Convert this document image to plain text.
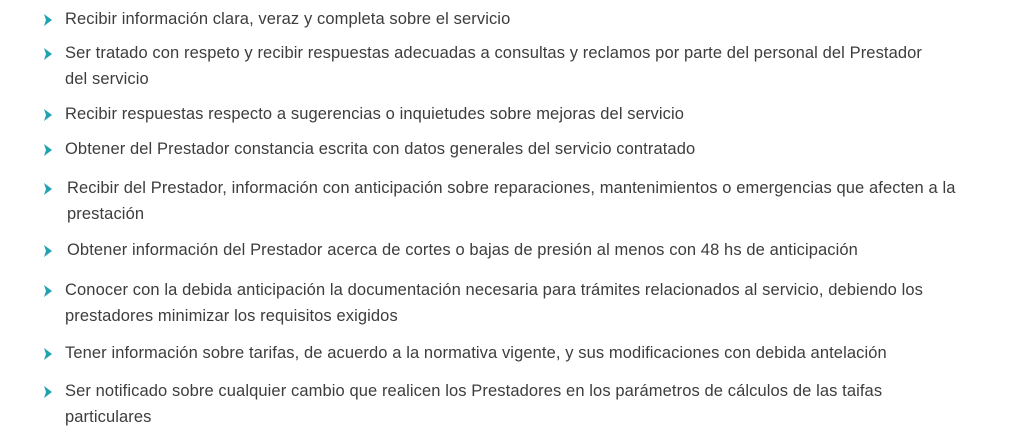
Recibir información clara, veraz y completa sobre el servicio
Ser tratado con respeto y recibir respuestas adecuadas a consultas y reclamos por parte del personal del Prestador del servicio
Recibir respuestas respecto a sugerencias o inquietudes sobre mejoras del servicio
Obtener del Prestador constancia escrita con datos generales del servicio contratado
Recibir del Prestador, información con anticipación sobre reparaciones, mantenimientos o emergencias que afecten a la prestación
Obtener información del Prestador acerca de cortes o bajas de presión al menos con 48 hs de anticipación
Conocer con la debida anticipación la documentación necesaria para trámites relacionados al servicio, debiendo los prestadores minimizar los requisitos exigidos
Tener información sobre tarifas, de acuerdo a la normativa vigente, y sus modificaciones con debida antelación
Ser notificado sobre cualquier cambio que realicen los Prestadores en los parámetros de cálculos de las taifas particulares
